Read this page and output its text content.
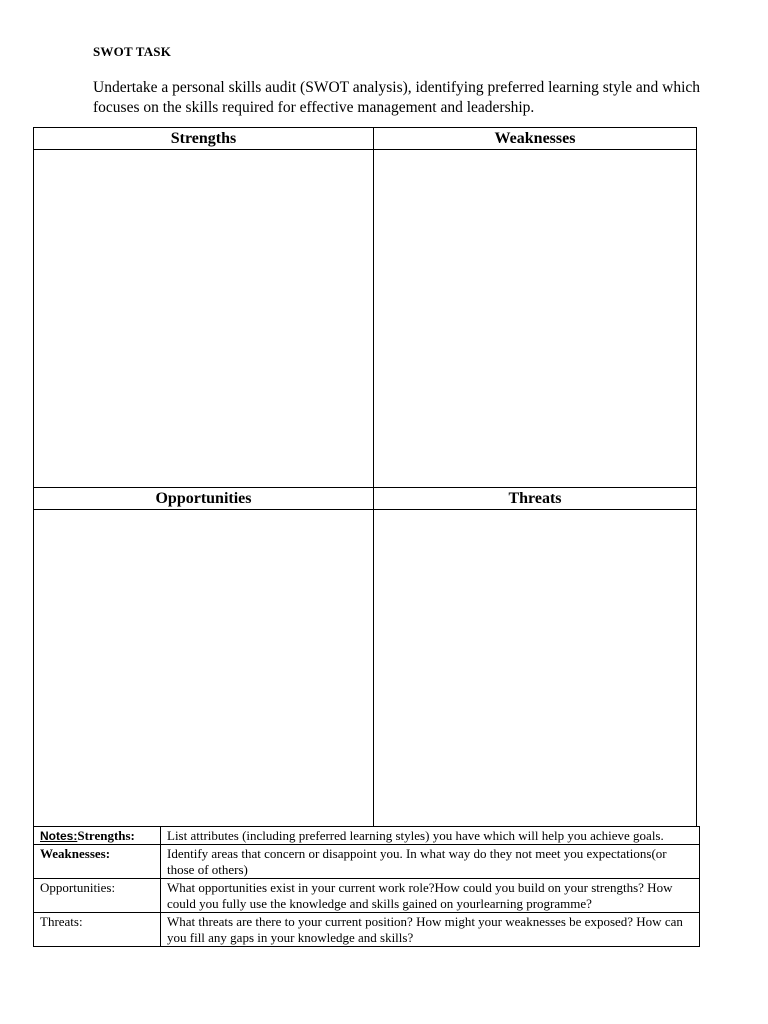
SWOT TASK
Undertake a personal skills audit (SWOT analysis), identifying preferred learning style and which focuses on the skills required for effective management and leadership.
Strengths	Weaknesses
Opportunities	Threats
Notes:Strengths:	List attributes (including preferred learning styles) you have which will help you achieve goals.
Weaknesses:	Identify areas that concern or disappoint you. In what way do they not meet you expectations(or those of others)
Opportunities:	What opportunities exist in your current work role?How could you build on your strengths? How could you fully use the knowledge and skills gained on yourlearning programme?
Threats:	What threats are there to your current position? How might your weaknesses be exposed? How can you fill any gaps in your knowledge and skills?
